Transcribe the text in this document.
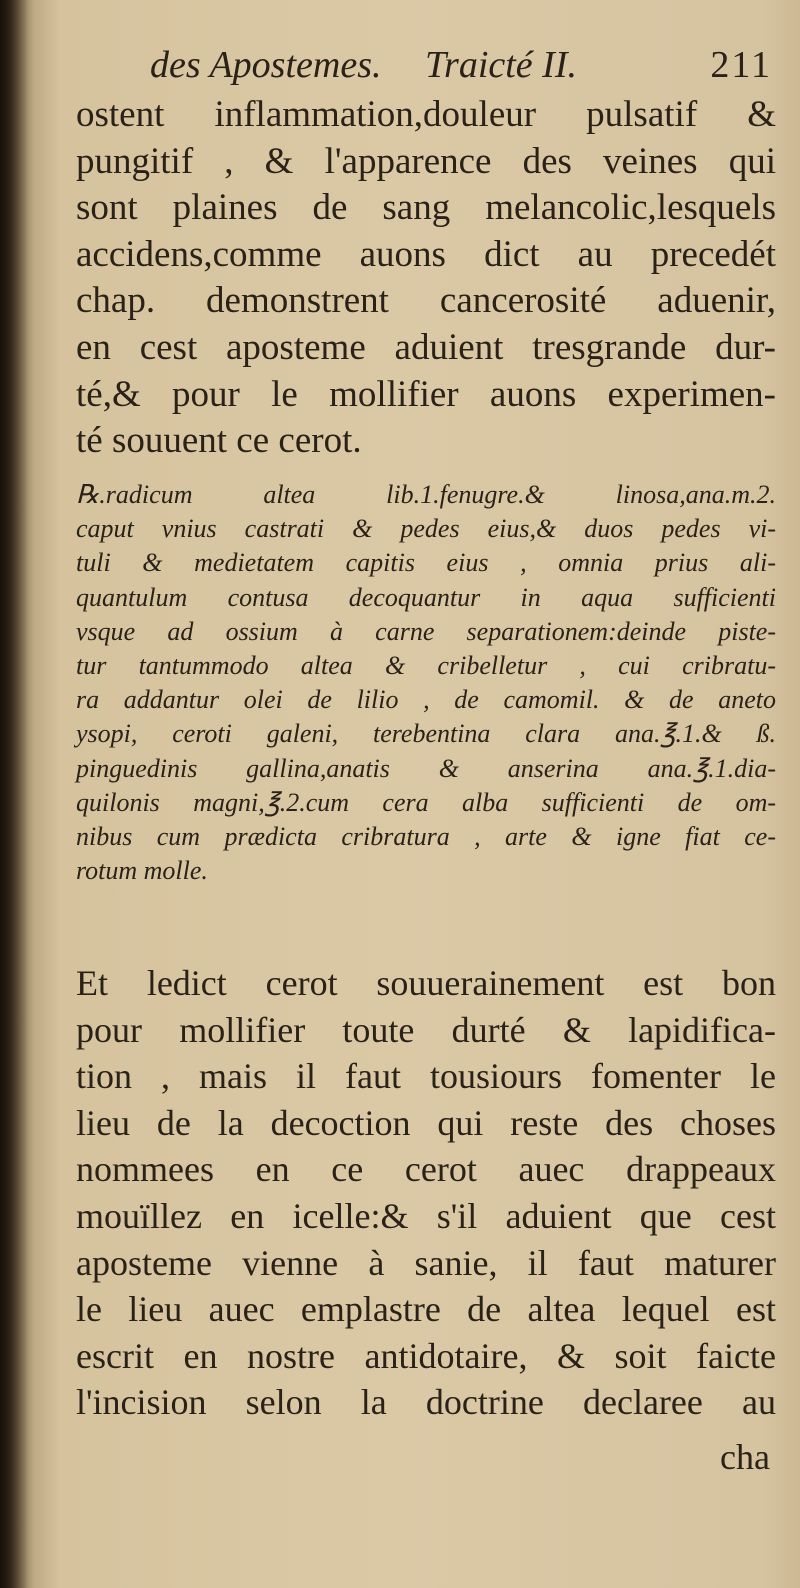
des Apostemes. Traicté II.	211
ostent inflammation,douleur pulsatif &
pungitif , & l'apparence des veines qui
sont plaines de sang melancolic,lesquels
accidens,comme auons dict au precedét
chap. demonstrent cancerosité aduenir,
en cest aposteme aduient tresgrande dur-
té,& pour le mollifier auons experimen-
té souuent ce cerot.
℞.radicum altea lib.1.fenugre.& linosa,ana.m.2.
caput vnius castrati & pedes eius,& duos pedes vi-
tuli & medietatem capitis eius , omnia prius ali-
quantulum contusa decoquantur in aqua sufficienti
vsque ad ossium à carne separationem:deinde piste-
tur tantummodo altea & cribelletur , cui cribratu-
ra addantur olei de lilio , de camomil. & de aneto
ysopi, ceroti galeni, terebentina clara ana.℥.1.& ß.
pinguedinis gallina,anatis & anserina ana.℥.1.dia-
quilonis magni,℥.2.cum cera alba sufficienti de om-
nibus cum prædicta cribratura , arte & igne fiat ce-
rotum molle.
Et ledict cerot souuerainement est bon
pour mollifier toute durté & lapidifica-
tion , mais il faut tousiours fomenter le
lieu de la decoction qui reste des choses
nommees en ce cerot auec drappeaux
mouïllez en icelle:& s'il aduient que cest
aposteme vienne à sanie, il faut maturer
le lieu auec emplastre de altea lequel est
escrit en nostre antidotaire, & soit faicte
l'incision selon la doctrine declaree au
cha
